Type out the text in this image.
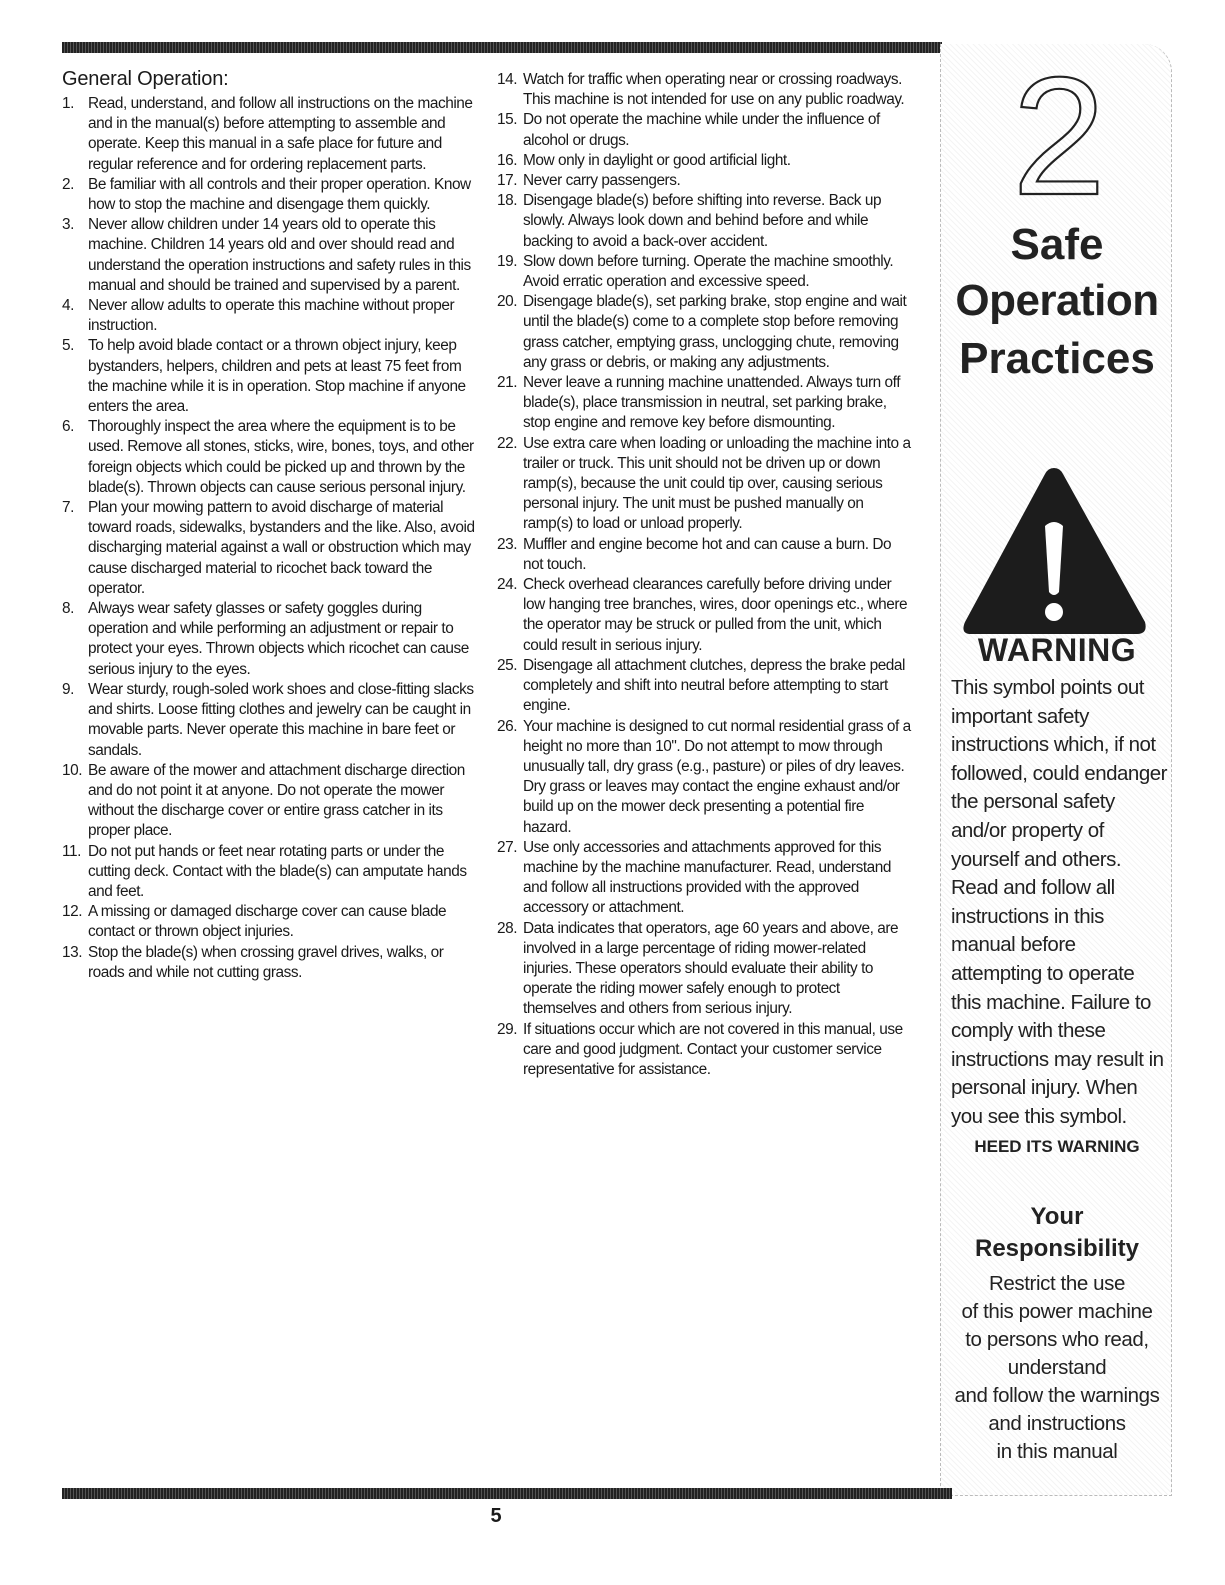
General Operation:
1. Read, understand, and follow all instructions on the machine and in the manual(s) before attempting to assemble and operate. Keep this manual in a safe place for future and regular reference and for ordering replacement parts.
2. Be familiar with all controls and their proper operation. Know how to stop the machine and disengage them quickly.
3. Never allow children under 14 years old to operate this machine. Children 14 years old and over should read and understand the operation instructions and safety rules in this manual and should be trained and supervised by a parent.
4. Never allow adults to operate this machine without proper instruction.
5. To help avoid blade contact or a thrown object injury, keep bystanders, helpers, children and pets at least 75 feet from the machine while it is in operation. Stop machine if anyone enters the area.
6. Thoroughly inspect the area where the equipment is to be used. Remove all stones, sticks, wire, bones, toys, and other foreign objects which could be picked up and thrown by the blade(s). Thrown objects can cause serious personal injury.
7. Plan your mowing pattern to avoid discharge of material toward roads, sidewalks, bystanders and the like. Also, avoid discharging material against a wall or obstruction which may cause discharged material to ricochet back toward the operator.
8. Always wear safety glasses or safety goggles during operation and while performing an adjustment or repair to protect your eyes. Thrown objects which ricochet can cause serious injury to the eyes.
9. Wear sturdy, rough-soled work shoes and close-fitting slacks and shirts. Loose fitting clothes and jewelry can be caught in movable parts. Never operate this machine in bare feet or sandals.
10. Be aware of the mower and attachment discharge direction and do not point it at anyone. Do not operate the mower without the discharge cover or entire grass catcher in its proper place.
11. Do not put hands or feet near rotating parts or under the cutting deck. Contact with the blade(s) can amputate hands and feet.
12. A missing or damaged discharge cover can cause blade contact or thrown object injuries.
13. Stop the blade(s) when crossing gravel drives, walks, or roads and while not cutting grass.
14. Watch for traffic when operating near or crossing roadways. This machine is not intended for use on any public roadway.
15. Do not operate the machine while under the influence of alcohol or drugs.
16. Mow only in daylight or good artificial light.
17. Never carry passengers.
18. Disengage blade(s) before shifting into reverse. Back up slowly. Always look down and behind before and while backing to avoid a back-over accident.
19. Slow down before turning. Operate the machine smoothly. Avoid erratic operation and excessive speed.
20. Disengage blade(s), set parking brake, stop engine and wait until the blade(s) come to a complete stop before removing grass catcher, emptying grass, unclogging chute, removing any grass or debris, or making any adjustments.
21. Never leave a running machine unattended. Always turn off blade(s), place transmission in neutral, set parking brake, stop engine and remove key before dismounting.
22. Use extra care when loading or unloading the machine into a trailer or truck. This unit should not be driven up or down ramp(s), because the unit could tip over, causing serious personal injury. The unit must be pushed manually on ramp(s) to load or unload properly.
23. Muffler and engine become hot and can cause a burn. Do not touch.
24. Check overhead clearances carefully before driving under low hanging tree branches, wires, door openings etc., where the operator may be struck or pulled from the unit, which could result in serious injury.
25. Disengage all attachment clutches, depress the brake pedal completely and shift into neutral before attempting to start engine.
26. Your machine is designed to cut normal residential grass of a height no more than 10". Do not attempt to mow through unusually tall, dry grass (e.g., pasture) or piles of dry leaves. Dry grass or leaves may contact the engine exhaust and/or build up on the mower deck presenting a potential fire hazard.
27. Use only accessories and attachments approved for this machine by the machine manufacturer. Read, understand and follow all instructions provided with the approved accessory or attachment.
28. Data indicates that operators, age 60 years and above, are involved in a large percentage of riding mower-related injuries. These operators should evaluate their ability to operate the riding mower safely enough to protect themselves and others from serious injury.
29. If situations occur which are not covered in this manual, use care and good judgment. Contact your customer service representative for assistance.
2
Safe
Operation
Practices
WARNING
This symbol points out important safety instructions which, if not followed, could endanger the personal safety and/or property of yourself and others. Read and follow all instructions in this manual before attempting to operate this machine. Failure to comply with these instructions may result in personal injury. When you see this symbol.
HEED ITS WARNING
Your
Responsibility
Restrict the use
of this power machine
to persons who read,
understand
and follow the warnings
and instructions
in this manual
5
